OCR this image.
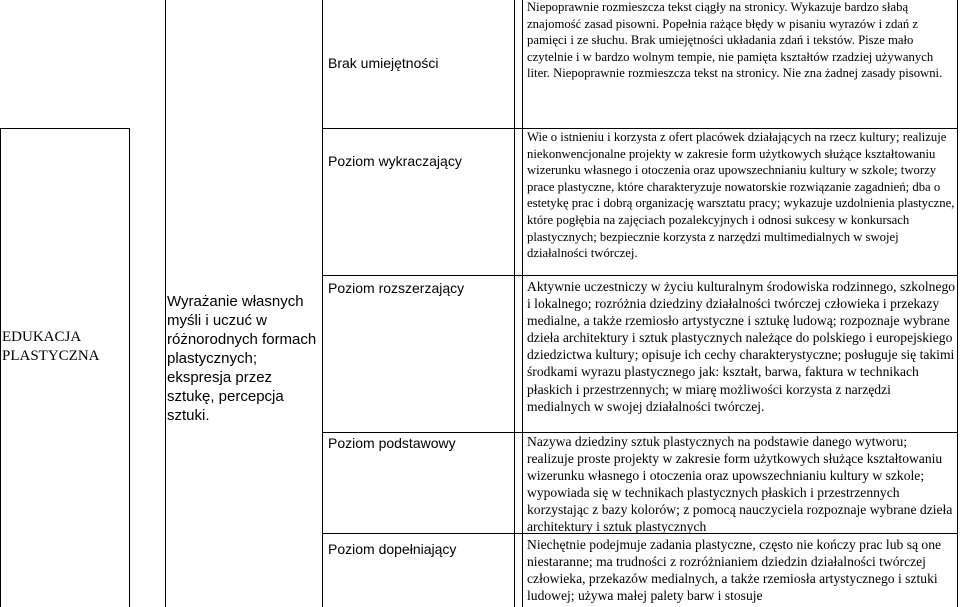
EDUKACJA PLASTYCZNA
Wyrażanie własnych myśli i uczuć w różnorodnych formach plastycznych; ekspresja przez sztukę, percepcja sztuki.
Brak umiejętności
Poziom wykraczający
Poziom rozszerzający
Poziom podstawowy
Poziom dopełniający
Niepoprawnie rozmieszcza tekst ciągły na stronicy. Wykazuje bardzo słabą znajomość zasad pisowni. Popełnia rażące błędy w pisaniu wyrazów i zdań z pamięci i ze słuchu. Brak umiejętności układania zdań i tekstów. Pisze mało czytelnie i w bardzo wolnym tempie, nie pamięta kształtów rzadziej używanych liter. Niepoprawnie rozmieszcza tekst na stronicy. Nie zna żadnej zasady pisowni.
Wie o istnieniu i korzysta z ofert placówek działających na rzecz kultury; realizuje niekonwencjonalne projekty w zakresie form użytkowych służące kształtowaniu wizerunku własnego i otoczenia oraz upowszechnianiu kultury w szkole; tworzy prace plastyczne, które charakteryzuje nowatorskie rozwiązanie zagadnień; dba o estetykę prac i dobrą organizację warsztatu pracy; wykazuje uzdolnienia plastyczne, które pogłębia na zajęciach pozalekcyjnych i odnosi sukcesy w konkursach plastycznych; bezpiecznie korzysta z narzędzi multimedialnych w swojej działalności twórczej.
Aktywnie uczestniczy w życiu kulturalnym środowiska rodzinnego, szkolnego i lokalnego; rozróżnia dziedziny działalności twórczej człowieka i przekazy medialne, a także rzemiosło artystyczne i sztukę ludową; rozpoznaje wybrane dzieła architektury i sztuk plastycznych należące do polskiego i europejskiego dziedzictwa kultury; opisuje ich cechy charakterystyczne; posługuje się takimi środkami wyrazu plastycznego jak: kształt, barwa, faktura w technikach płaskich i przestrzennych; w miarę możliwości korzysta z narzędzi medialnych w swojej działalności twórczej.
Nazywa dziedziny sztuk plastycznych na podstawie danego wytworu; realizuje proste projekty w zakresie form użytkowych służące kształtowaniu wizerunku własnego i otoczenia oraz upowszechnianiu kultury w szkole; wypowiada się w technikach plastycznych płaskich i przestrzennych korzystając z bazy kolorów; z pomocą nauczyciela rozpoznaje wybrane dzieła architektury i sztuk plastycznych
Niechętnie podejmuje zadania plastyczne, często nie kończy prac lub są one niestaranne; ma trudności z rozróżnianiem dziedzin działalności twórczej człowieka, przekazów medialnych, a także rzemiosła artystycznego i sztuki ludowej; używa małej palety barw i stosuje
